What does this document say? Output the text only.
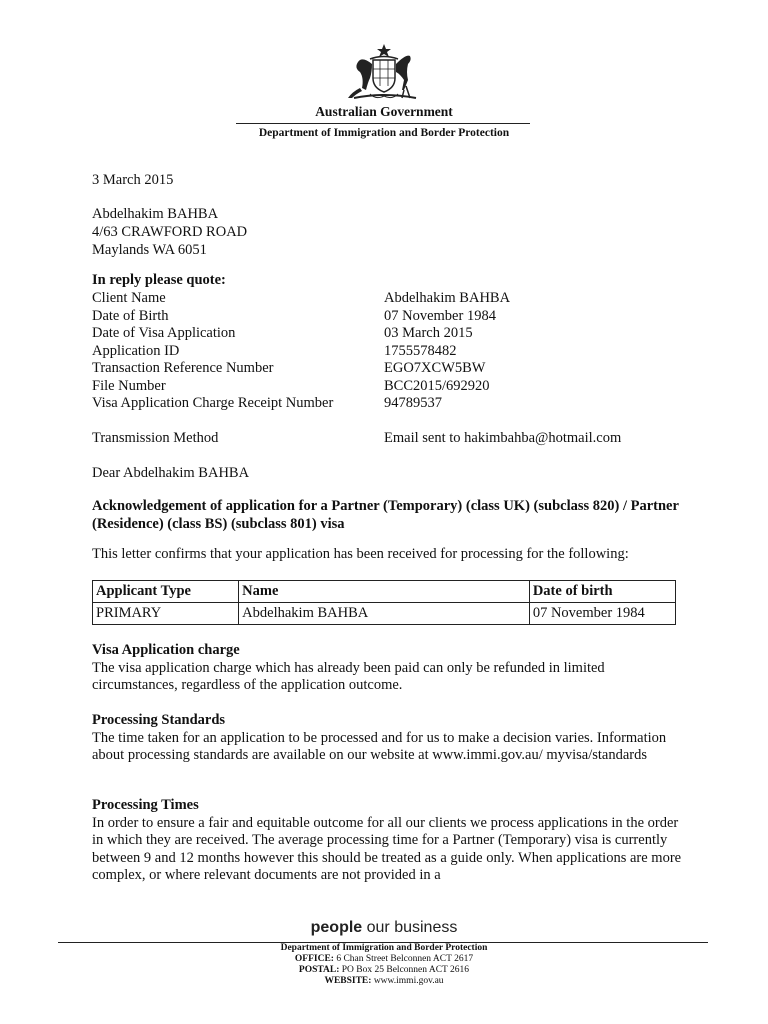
Australian Government
Department of Immigration and Border Protection
3 March 2015
Abdelhakim BAHBA
4/63 CRAWFORD ROAD
Maylands WA 6051
In reply please quote:
Client Name	Abdelhakim BAHBA
Date of Birth	07 November 1984
Date of Visa Application	03 March 2015
Application ID	1755578482
Transaction Reference Number	EGO7XCW5BW
File Number	BCC2015/692920
Visa Application Charge Receipt Number	94789537
Transmission Method	Email sent to hakimbahba@hotmail.com
Dear Abdelhakim BAHBA
Acknowledgement of application for a Partner (Temporary) (class UK) (subclass 820) / Partner (Residence) (class BS) (subclass 801) visa
This letter confirms that your application has been received for processing for the following:
Applicant Type	Name	Date of birth
PRIMARY	Abdelhakim BAHBA	07 November 1984
Visa Application charge
The visa application charge which has already been paid can only be refunded in limited circumstances, regardless of the application outcome.
Processing Standards
The time taken for an application to be processed and for us to make a decision varies. Information about processing standards are available on our website at www.immi.gov.au/ myvisa/standards
Processing Times
In order to ensure a fair and equitable outcome for all our clients we process applications in the order in which they are received. The average processing time for a Partner (Temporary) visa is currently between 9 and 12 months however this should be treated as a guide only. When applications are more complex, or where relevant documents are not provided in a
people our business
Department of Immigration and Border Protection
OFFICE: 6 Chan Street Belconnen ACT 2617
POSTAL: PO Box 25 Belconnen ACT 2616
WEBSITE: www.immi.gov.au
